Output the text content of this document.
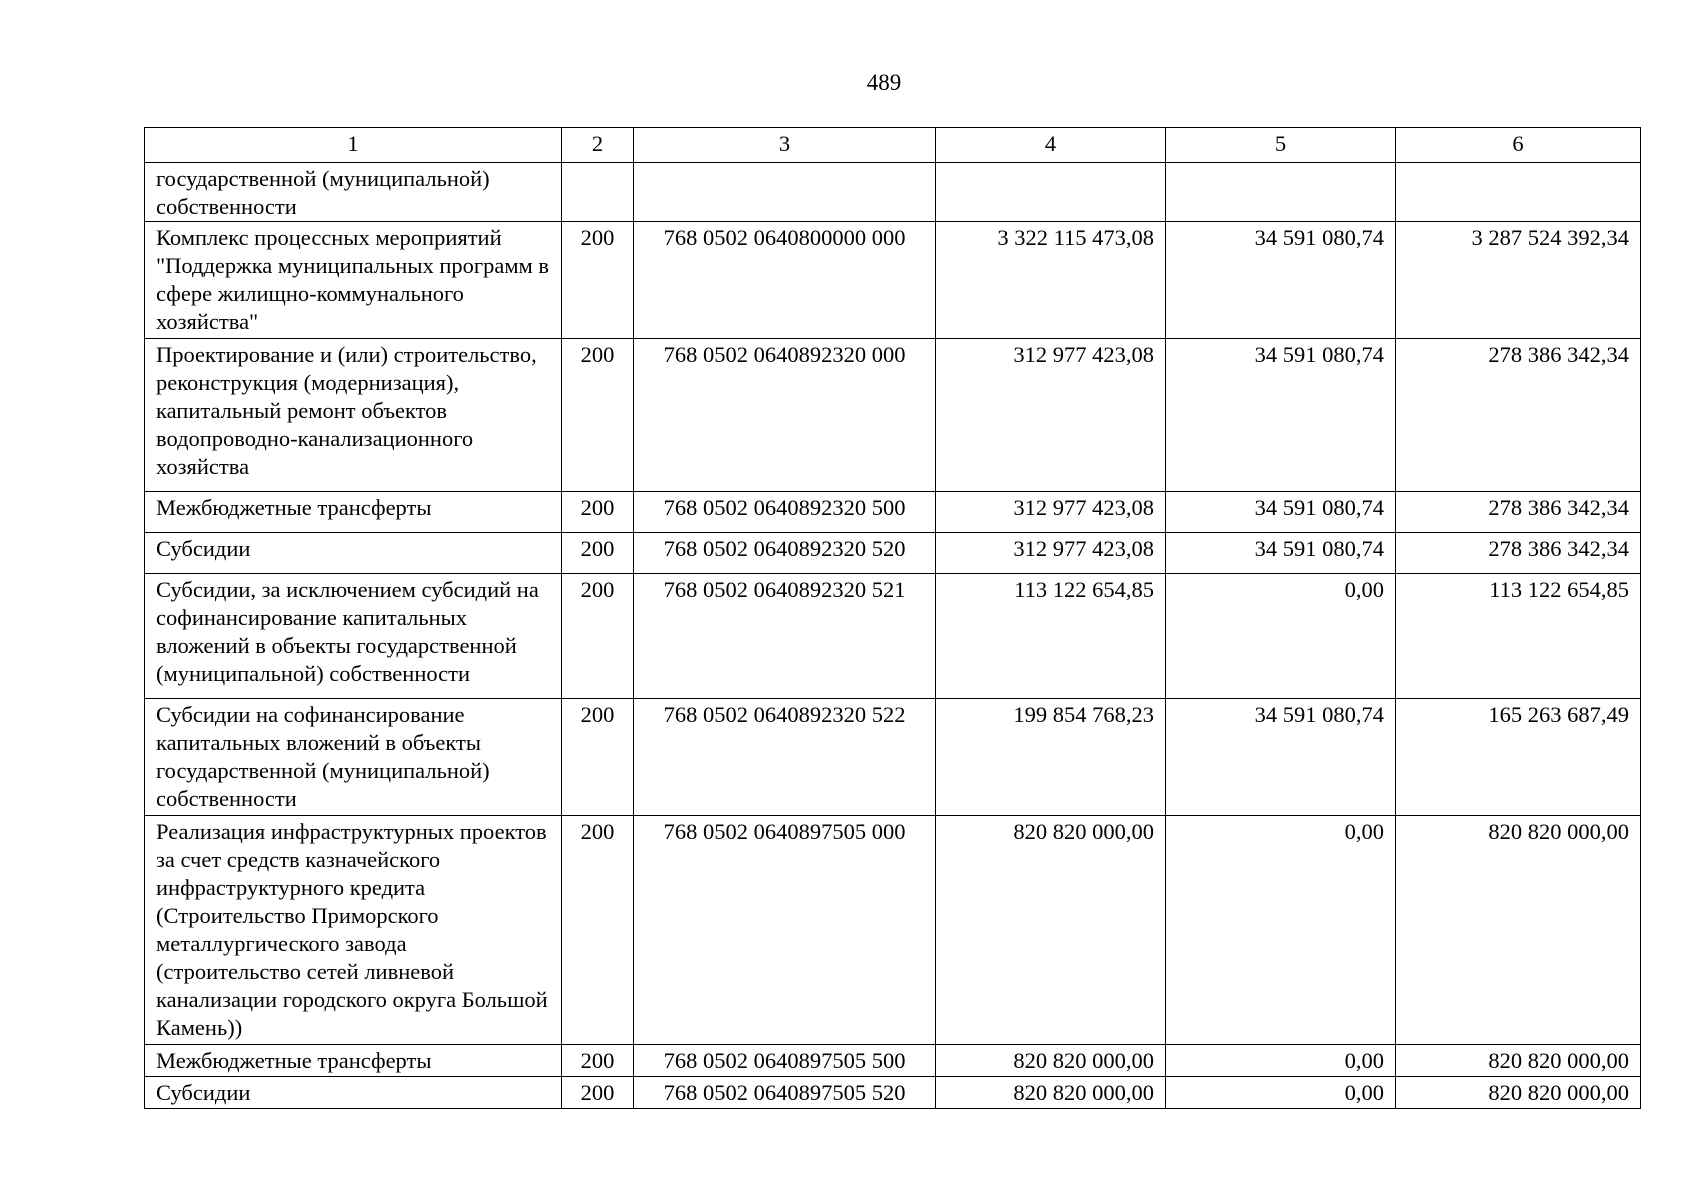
489
1	2	3	4	5	6
государственной (муниципальной) собственности					
Комплекс процессных мероприятий "Поддержка муниципальных программ в сфере жилищно-коммунального хозяйства"	200	768 0502 0640800000 000	3 322 115 473,08	34 591 080,74	3 287 524 392,34
Проектирование и (или) строительство, реконструкция (модернизация), капитальный ремонт объектов водопроводно-канализационного хозяйства	200	768 0502 0640892320 000	312 977 423,08	34 591 080,74	278 386 342,34
Межбюджетные трансферты	200	768 0502 0640892320 500	312 977 423,08	34 591 080,74	278 386 342,34
Субсидии	200	768 0502 0640892320 520	312 977 423,08	34 591 080,74	278 386 342,34
Субсидии, за исключением субсидий на софинансирование капитальных вложений в объекты государственной (муниципальной) собственности	200	768 0502 0640892320 521	113 122 654,85	0,00	113 122 654,85
Субсидии на софинансирование капитальных вложений в объекты государственной (муниципальной) собственности	200	768 0502 0640892320 522	199 854 768,23	34 591 080,74	165 263 687,49
Реализация инфраструктурных проектов за счет средств казначейского инфраструктурного кредита (Строительство Приморского металлургического завода (строительство сетей ливневой канализации городского округа Большой Камень))	200	768 0502 0640897505 000	820 820 000,00	0,00	820 820 000,00
Межбюджетные трансферты	200	768 0502 0640897505 500	820 820 000,00	0,00	820 820 000,00
Субсидии	200	768 0502 0640897505 520	820 820 000,00	0,00	820 820 000,00
